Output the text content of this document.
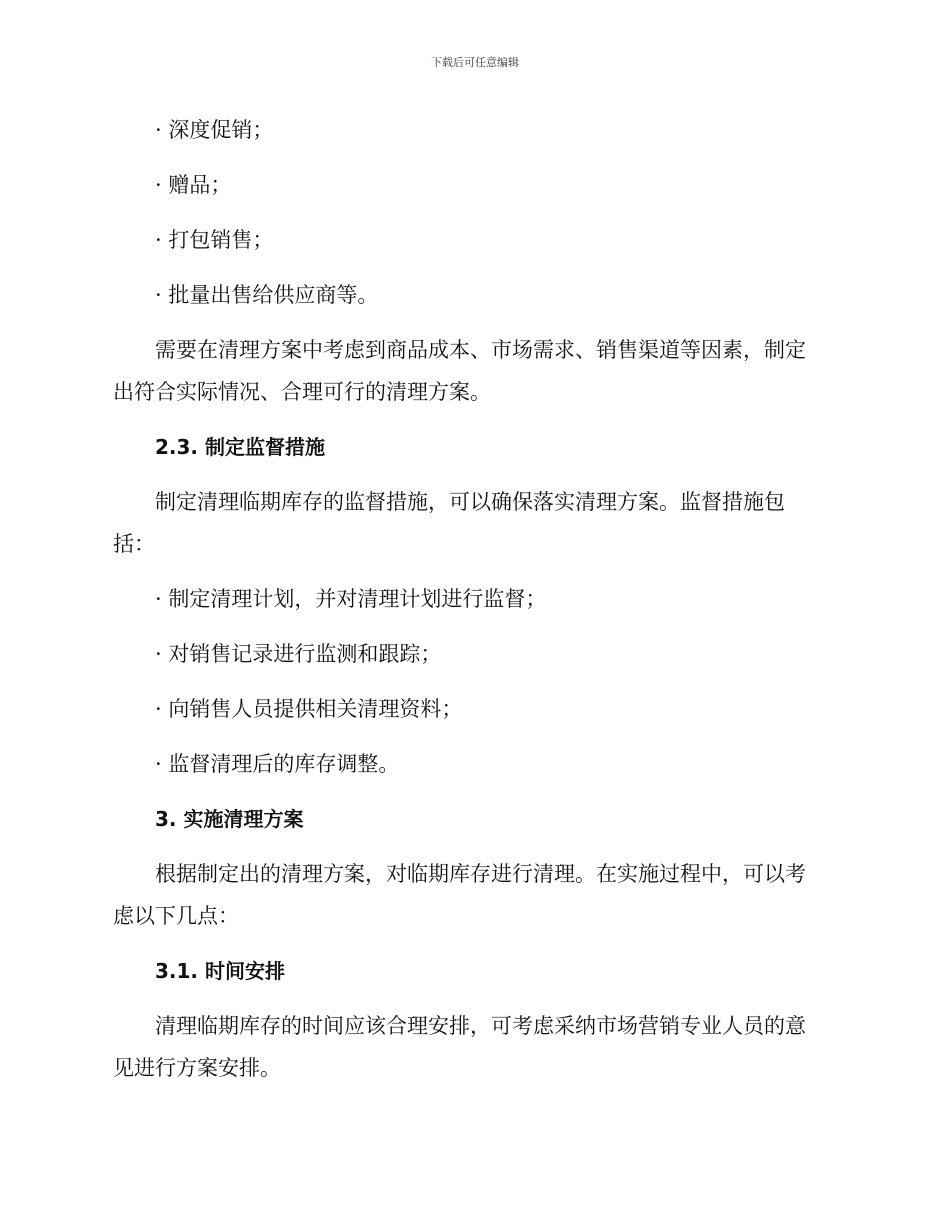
下载后可任意编辑
· 深度促销；
· 赠品；
· 打包销售；
· 批量出售给供应商等。
需要在清理方案中考虑到商品成本、市场需求、销售渠道等因素，制定
出符合实际情况、合理可行的清理方案。
2.3. 制定监督措施
制定清理临期库存的监督措施，可以确保落实清理方案。监督措施包
括：
· 制定清理计划，并对清理计划进行监督；
· 对销售记录进行监测和跟踪；
· 向销售人员提供相关清理资料；
· 监督清理后的库存调整。
3. 实施清理方案
根据制定出的清理方案，对临期库存进行清理。在实施过程中，可以考
虑以下几点：
3.1. 时间安排
清理临期库存的时间应该合理安排，可考虑采纳市场营销专业人员的意
见进行方案安排。
